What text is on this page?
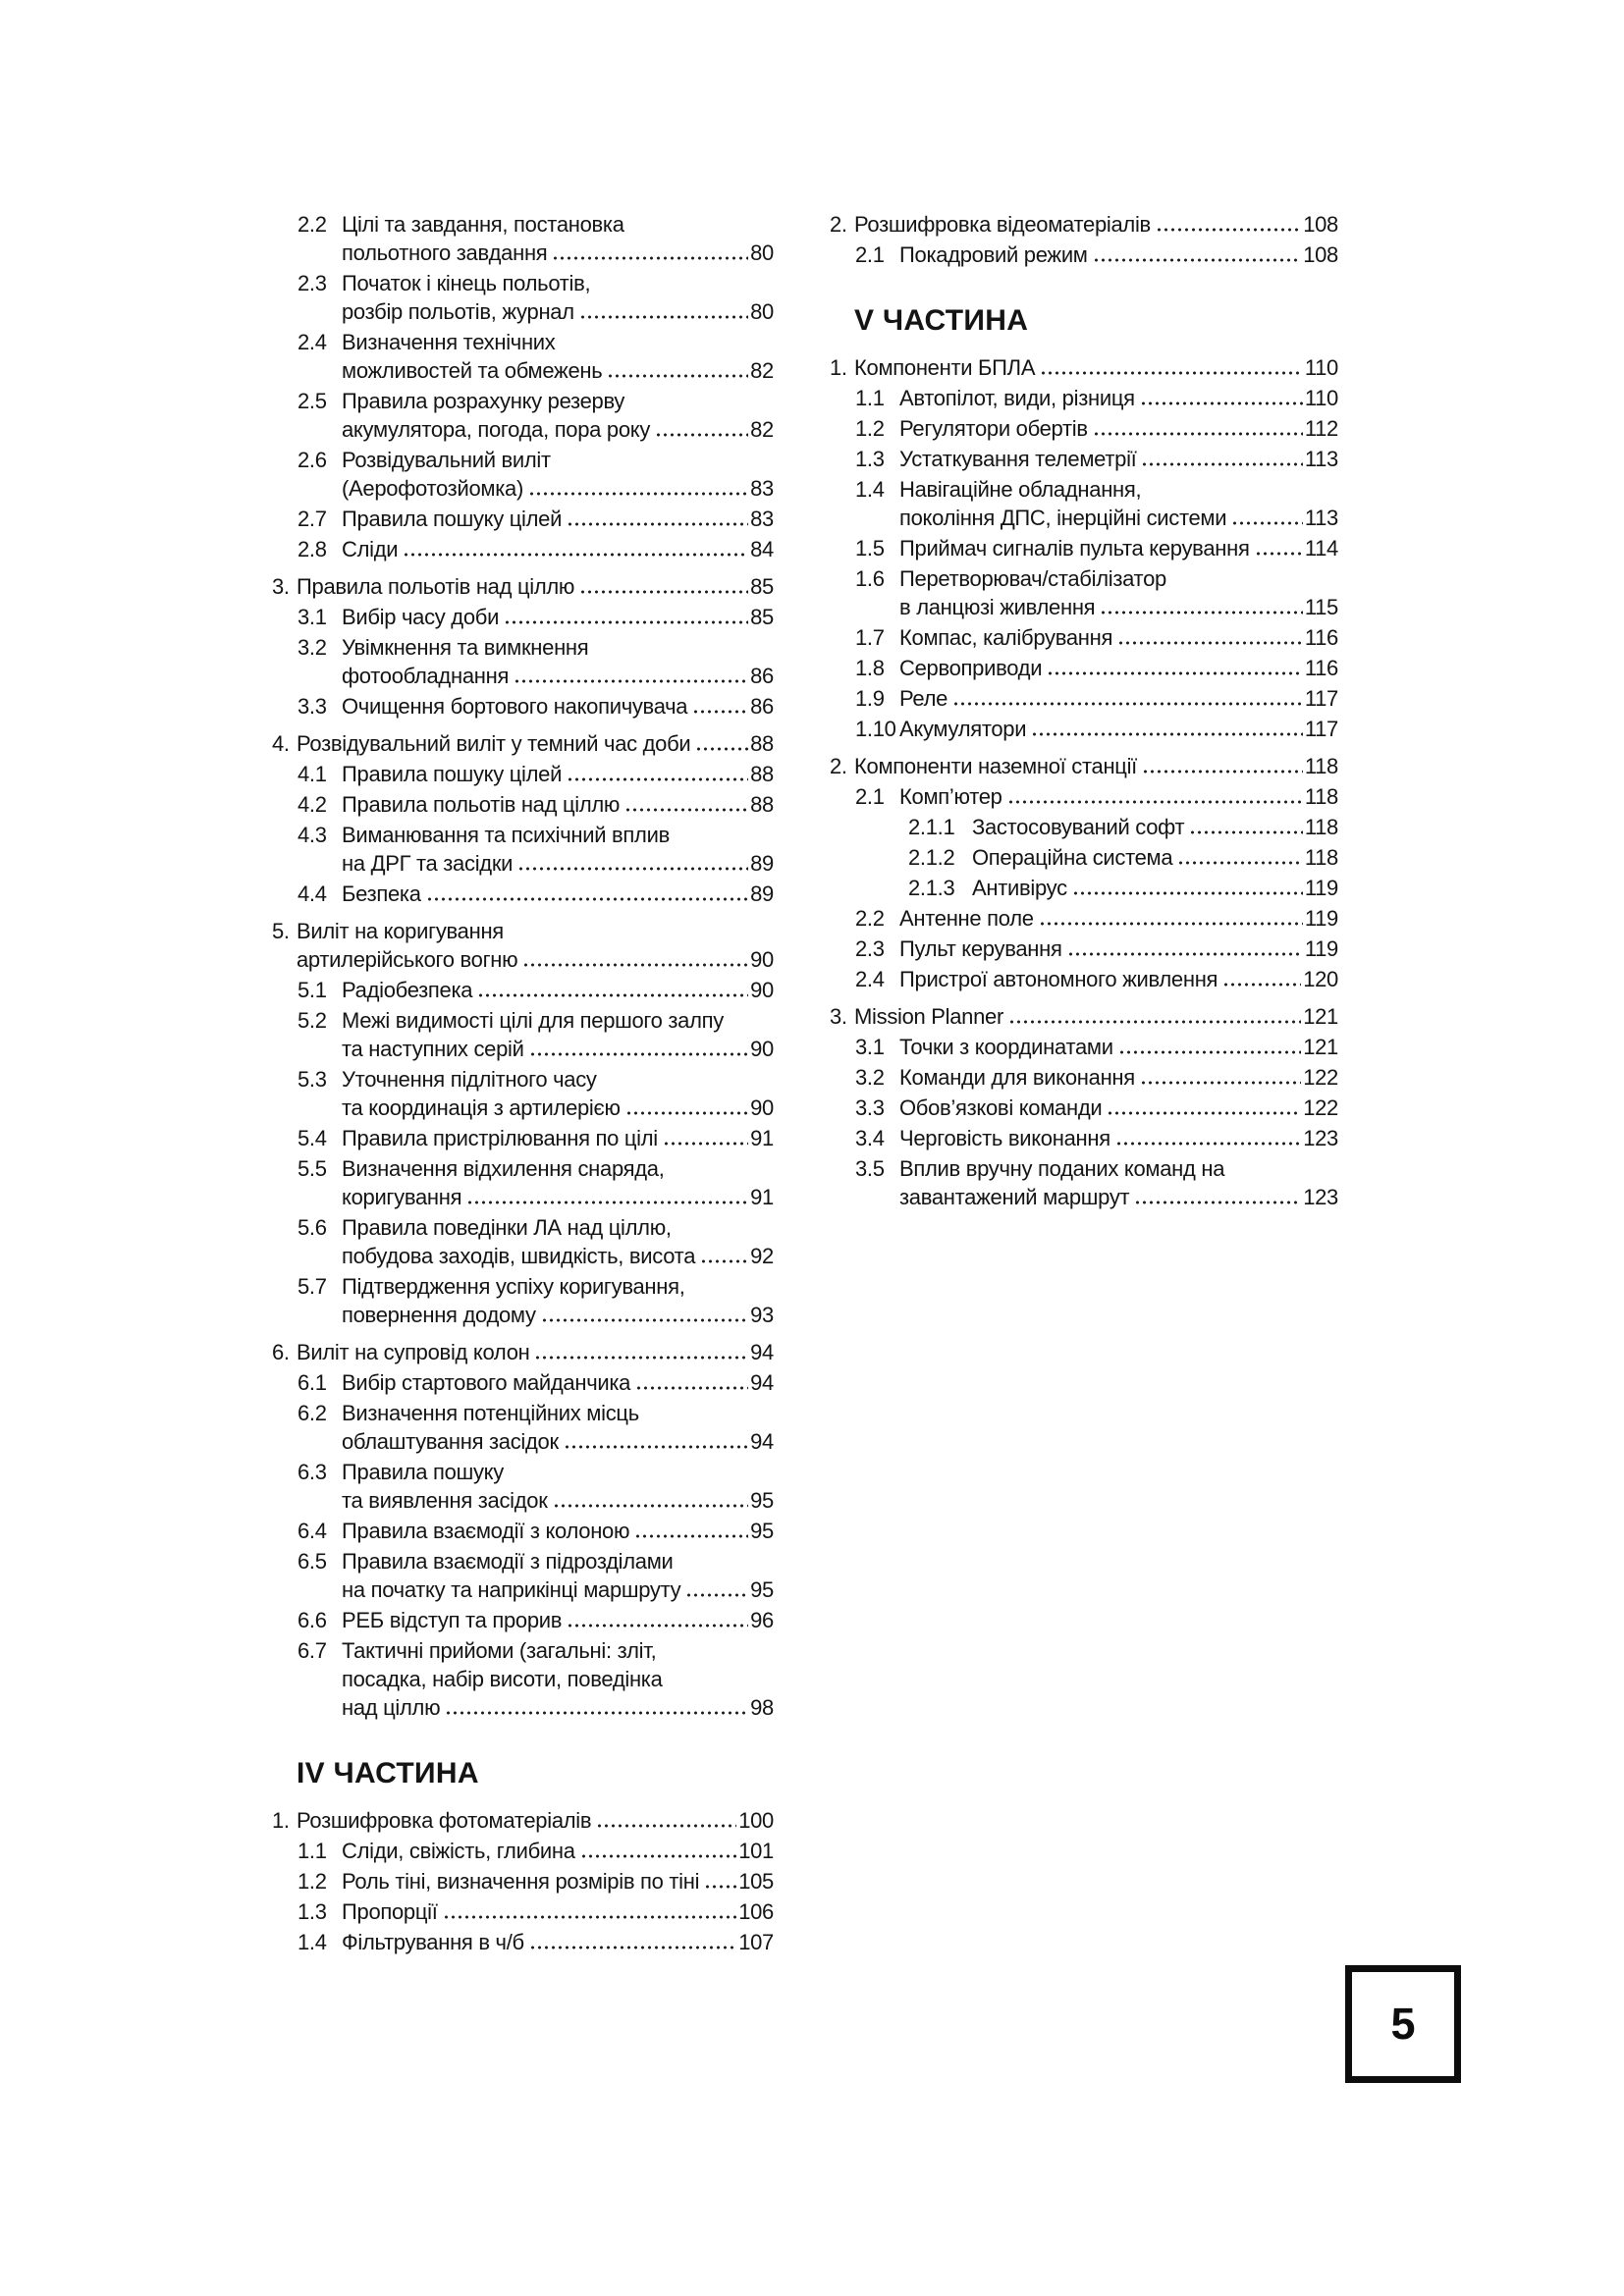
2.2 Цілі та завдання, постановка
польотного завдання	80
2.3 Початок і кінець польотів,
розбір польотів, журнал	80
2.4 Визначення технічних
можливостей та обмежень	82
2.5 Правила розрахунку резерву
акумулятора, погода, пора року	82
2.6 Розвідувальний виліт
(Аерофотозйомка)	83
2.7 Правила пошуку цілей	83
2.8 Сліди	84
3. Правила польотів над ціллю	85
3.1 Вибір часу доби	85
3.2 Увімкнення та вимкнення
фотообладнання	86
3.3 Очищення бортового накопичувача	86
4. Розвідувальний виліт у темний час доби	88
4.1 Правила пошуку цілей	88
4.2 Правила польотів над ціллю	88
4.3 Виманювання та психічний вплив
на ДРГ та засідки	89
4.4 Безпека	89
5. Виліт на коригування
артилерійського вогню	90
5.1 Радіобезпека	90
5.2 Межі видимості цілі для першого залпу
та наступних серій	90
5.3 Уточнення підлітного часу
та координація з артилерією	90
5.4 Правила пристрілювання по цілі	91
5.5 Визначення відхилення снаряда,
коригування	91
5.6 Правила поведінки ЛА над ціллю,
побудова заходів, швидкість, висота	92
5.7 Підтвердження успіху коригування,
повернення додому	93
6. Виліт на супровід колон	94
6.1 Вибір стартового майданчика	94
6.2 Визначення потенційних місць
облаштування засідок	94
6.3 Правила пошуку
та виявлення засідок	95
6.4 Правила взаємодії з колоною	95
6.5 Правила взаємодії з підрозділами
на початку та наприкінці маршруту	95
6.6 РЕБ відступ та прорив	96
6.7 Тактичні прийоми (загальні: зліт,
посадка, набір висоти, поведінка
над ціллю	98
IV ЧАСТИНА
1. Розшифровка фотоматеріалів	100
1.1 Сліди, свіжість, глибина	101
1.2 Роль тіні, визначення розмірів по тіні 105
1.3 Пропорції	106
1.4 Фільтрування в ч/б	107
2. Розшифровка відеоматеріалів	108
2.1 Покадровий режим	108
V ЧАСТИНА
1. Компоненти БПЛА	110
1.1 Автопілот, види, різниця	110
1.2 Регулятори обертів	112
1.3 Устаткування телеметрії	113
1.4 Навігаційне обладнання,
покоління ДПС, інерційні системи	113
1.5 Приймач сигналів пульта керування	114
1.6 Перетворювач/стабілізатор
в ланцюзі живлення	115
1.7 Компас, калібрування	116
1.8 Сервоприводи	116
1.9 Реле	117
1.10 Акумулятори	117
2. Компоненти наземної станції	118
2.1 Комп’ютер	118
2.1.1 Застосовуваний софт	118
2.1.2 Операційна система	118
2.1.3 Антивірус	119
2.2 Антенне поле	119
2.3 Пульт керування	119
2.4 Пристрої автономного живлення	120
3. Mission Planner	121
3.1 Точки з координатами	121
3.2 Команди для виконання	122
3.3 Обов’язкові команди	122
3.4 Черговість виконання	123
3.5 Вплив вручну поданих команд на
завантажений маршрут	123
5
